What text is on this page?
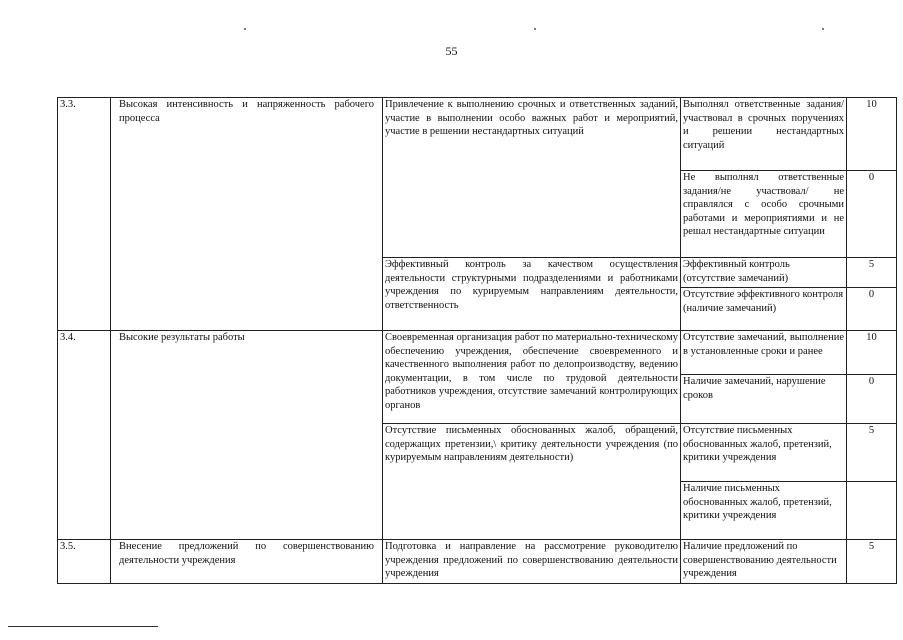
55
3.3.	Высокая интенсивность и напряженность рабочего процесса	Привлечение к выполнению срочных и ответственных заданий, участие в выполнении особо важных работ и мероприятий, участие в решении нестандартных ситуаций	Выполнял ответственные задания/участвовал в срочных поручениях и решении нестандартных ситуаций	10
			Не выполнял ответственные задания/не участвовал/ не справлялся с особо срочными работами и мероприятиями и не решал нестандартные ситуации	0
		Эффективный контроль за качеством осуществления деятельности структурными подразделениями и работниками учреждения по курируемым направлениям деятельности, ответственность	Эффективный контроль (отсутствие замечаний)	5
			Отсутствие эффективного контроля (наличие замечаний)	0
3.4.	Высокие результаты работы	Своевременная организация работ по материально-техническому обеспечению учреждения, обеспечение своевременного и качественного выполнения работ по делопроизводству, ведению документации, в том числе по трудовой деятельности работников учреждения, отсутствие замечаний контролирующих органов	Отсутствие замечаний, выполнение в установленные сроки и ранее	10
			Наличие замечаний, нарушение сроков	0
		Отсутствие письменных обоснованных жалоб, обращений, содержащих претензии,\ критику деятельности учреждения (по курируемым направлениям деятельности)	Отсутствие письменных обоснованных жалоб, претензий, критики учреждения	5
			Наличие письменных обоснованных жалоб, претензий, критики учреждения	
3.5.	Внесение предложений по совершенствованию деятельности учреждения	Подготовка и направление на рассмотрение руководителю учреждения предложений по совершенствованию деятельности учреждения	Наличие предложений по совершенствованию деятельности учреждения	5
